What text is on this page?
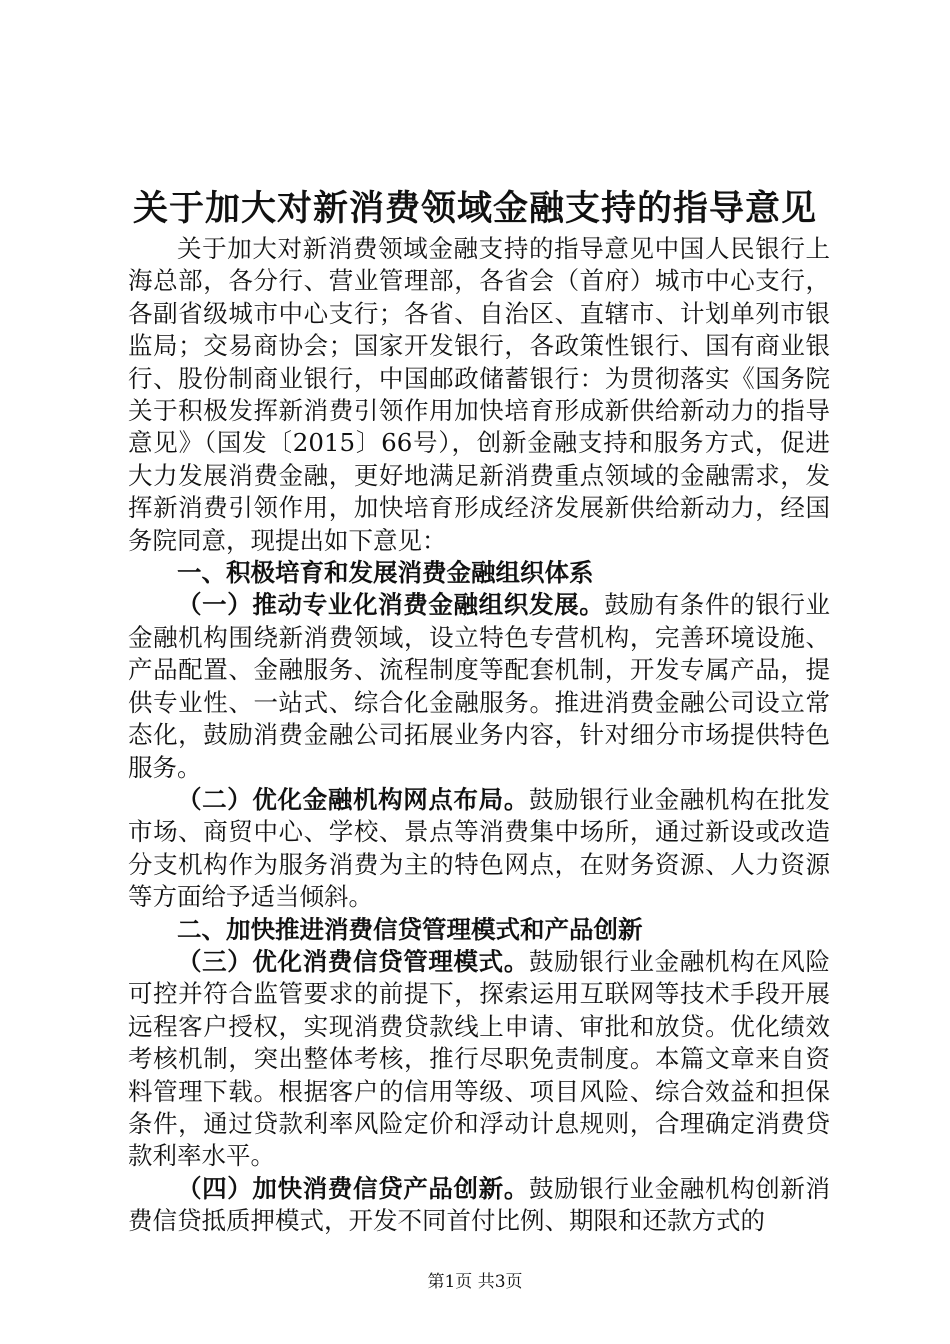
关于加大对新消费领域金融支持的指导意见

关于加大对新消费领域金融支持的指导意见中国人民银行上海总部，各分行、营业管理部，各省会（首府）城市中心支行，各副省级城市中心支行；各省、自治区、直辖市、计划单列市银监局；交易商协会；国家开发银行，各政策性银行、国有商业银行、股份制商业银行，中国邮政储蓄银行：为贯彻落实《国务院关于积极发挥新消费引领作用加快培育形成新供给新动力的指导意见》（国发〔2015〕66号），创新金融支持和服务方式，促进大力发展消费金融，更好地满足新消费重点领域的金融需求，发挥新消费引领作用，加快培育形成经济发展新供给新动力，经国务院同意，现提出如下意见：

一、积极培育和发展消费金融组织体系

（一）推动专业化消费金融组织发展。鼓励有条件的银行业金融机构围绕新消费领域，设立特色专营机构，完善环境设施、产品配置、金融服务、流程制度等配套机制，开发专属产品，提供专业性、一站式、综合化金融服务。推进消费金融公司设立常态化，鼓励消费金融公司拓展业务内容，针对细分市场提供特色服务。

（二）优化金融机构网点布局。鼓励银行业金融机构在批发市场、商贸中心、学校、景点等消费集中场所，通过新设或改造分支机构作为服务消费为主的特色网点，在财务资源、人力资源等方面给予适当倾斜。

二、加快推进消费信贷管理模式和产品创新

（三）优化消费信贷管理模式。鼓励银行业金融机构在风险可控并符合监管要求的前提下，探索运用互联网等技术手段开展远程客户授权，实现消费贷款线上申请、审批和放贷。优化绩效考核机制，突出整体考核，推行尽职免责制度。本篇文章来自资料管理下载。根据客户的信用等级、项目风险、综合效益和担保条件，通过贷款利率风险定价和浮动计息规则，合理确定消费贷款利率水平。

（四）加快消费信贷产品创新。鼓励银行业金融机构创新消费信贷抵质押模式，开发不同首付比例、期限和还款方式的

第1页 共3页
